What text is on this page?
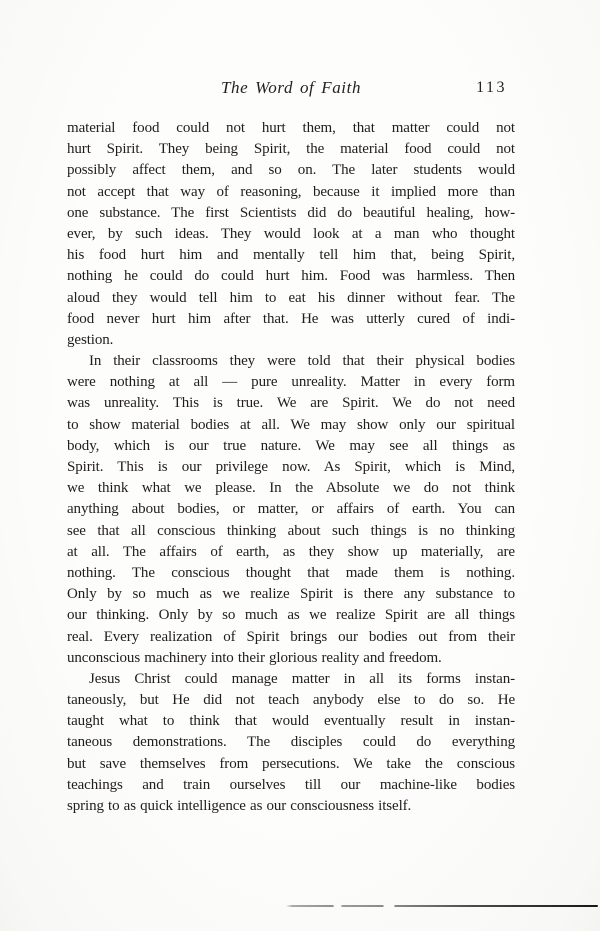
The Word of Faith	113
material food could not hurt them, that matter could not
hurt Spirit. They being Spirit, the material food could not
possibly affect them, and so on. The later students would
not accept that way of reasoning, because it implied more than
one substance. The first Scientists did do beautiful healing, how-
ever, by such ideas. They would look at a man who thought
his food hurt him and mentally tell him that, being Spirit,
nothing he could do could hurt him. Food was harmless. Then
aloud they would tell him to eat his dinner without fear. The
food never hurt him after that. He was utterly cured of indi-
gestion.
In their classrooms they were told that their physical bodies
were nothing at all — pure unreality. Matter in every form
was unreality. This is true. We are Spirit. We do not need
to show material bodies at all. We may show only our spiritual
body, which is our true nature. We may see all things as
Spirit. This is our privilege now. As Spirit, which is Mind,
we think what we please. In the Absolute we do not think
anything about bodies, or matter, or affairs of earth. You can
see that all conscious thinking about such things is no thinking
at all. The affairs of earth, as they show up materially, are
nothing. The conscious thought that made them is nothing.
Only by so much as we realize Spirit is there any substance to
our thinking. Only by so much as we realize Spirit are all things
real. Every realization of Spirit brings our bodies out from their
unconscious machinery into their glorious reality and freedom.
Jesus Christ could manage matter in all its forms instan-
taneously, but He did not teach anybody else to do so. He
taught what to think that would eventually result in instan-
taneous demonstrations. The disciples could do everything
but save themselves from persecutions. We take the conscious
teachings and train ourselves till our machine-like bodies
spring to as quick intelligence as our consciousness itself.
